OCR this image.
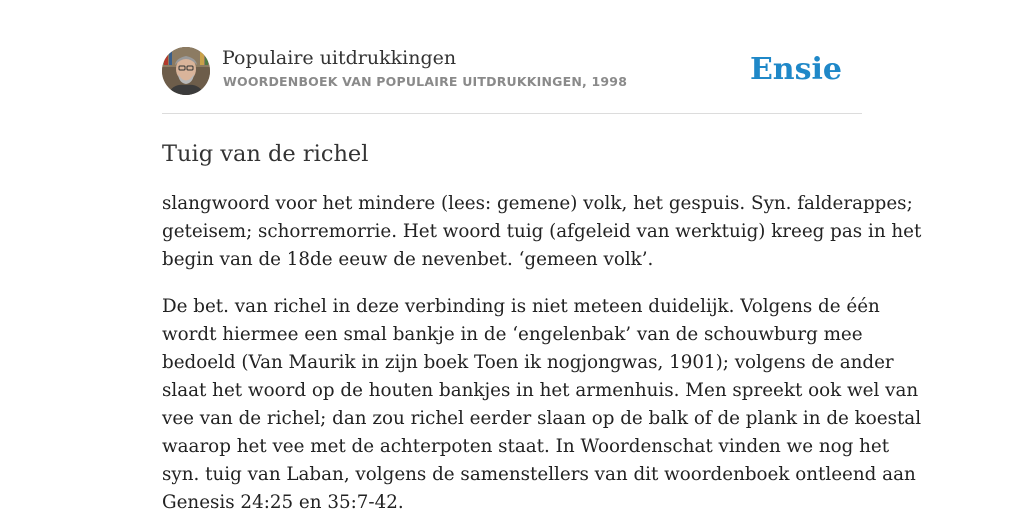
Populaire uitdrukkingen
WOORDENBOEK VAN POPULAIRE UITDRUKKINGEN, 1998	Ensie
Tuig van de richel

slangwoord voor het mindere (lees: gemene) volk, het gespuis. Syn. falderappes;
geteisem; schorremorrie. Het woord tuig (afgeleid van werktuig) kreeg pas in het
begin van de 18de eeuw de nevenbet. ‘gemeen volk’.

De bet. van richel in deze verbinding is niet meteen duidelijk. Volgens de één
wordt hiermee een smal bankje in de ‘engelenbak’ van de schouwburg mee
bedoeld (Van Maurik in zijn boek Toen ik nogjongwas, 1901); volgens de ander
slaat het woord op de houten bankjes in het armenhuis. Men spreekt ook wel van
vee van de richel; dan zou richel eerder slaan op de balk of de plank in de koestal
waarop het vee met de achterpoten staat. In Woordenschat vinden we nog het
syn. tuig van Laban, volgens de samenstellers van dit woordenboek ontleend aan
Genesis 24:25 en 35:7-42.
